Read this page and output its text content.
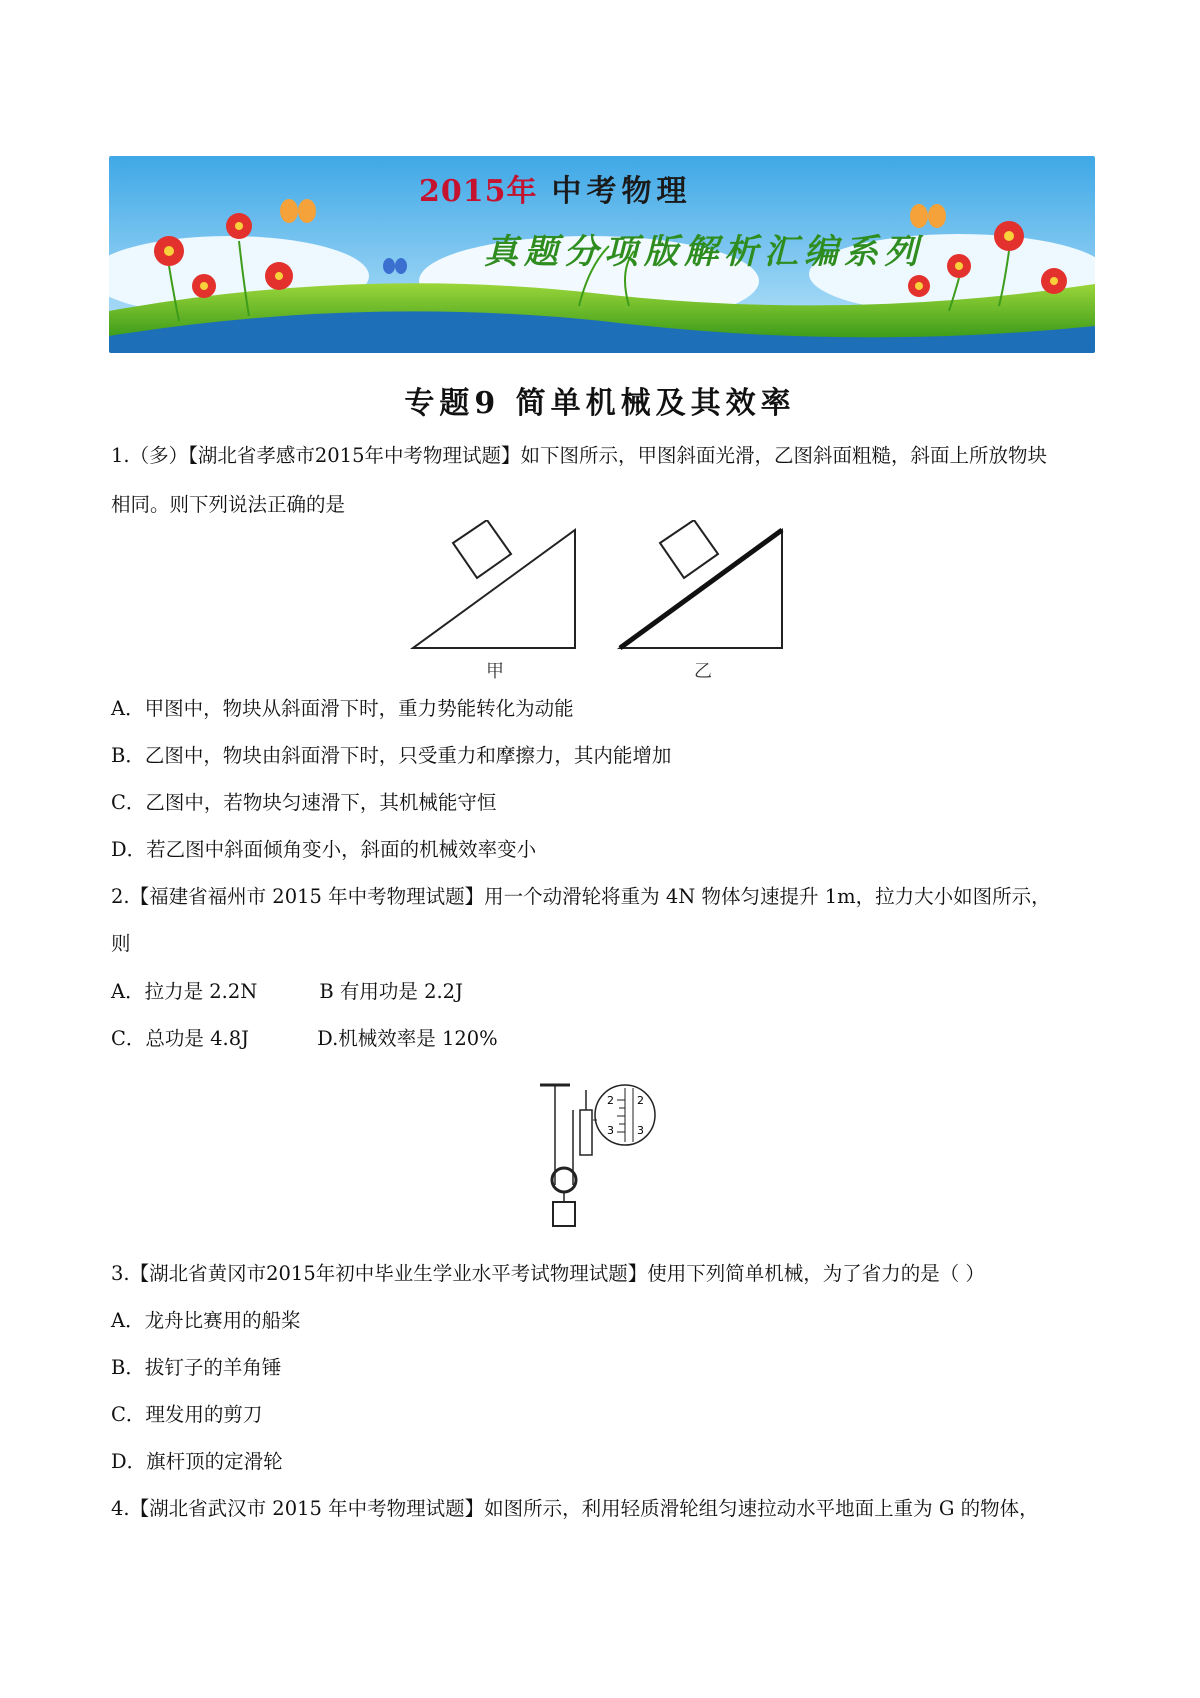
2015年 中考物理
真题分项版解析汇编系列
专题9 简单机械及其效率
1.（多）【湖北省孝感市2015年中考物理试题】如下图所示，甲图斜面光滑，乙图斜面粗糙，斜面上所放物块
相同。则下列说法正确的是
甲	乙
A．甲图中，物块从斜面滑下时，重力势能转化为动能
B．乙图中，物块由斜面滑下时，只受重力和摩擦力，其内能增加
C．乙图中，若物块匀速滑下，其机械能守恒
D．若乙图中斜面倾角变小，斜面的机械效率变小
2.【福建省福州市 2015 年中考物理试题】用一个动滑轮将重为 4N 物体匀速提升 1m，拉力大小如图所示，
则
A．拉力是 2.2N          B 有用功是 2.2J
C．总功是 4.8J           D.机械效率是 120%
2
3
2
3
3.【湖北省黄冈市2015年初中毕业生学业水平考试物理试题】使用下列简单机械，为了省力的是（ ）
A．龙舟比赛用的船桨
B．拔钉子的羊角锤
C．理发用的剪刀
D．旗杆顶的定滑轮
4.【湖北省武汉市 2015 年中考物理试题】如图所示，利用轻质滑轮组匀速拉动水平地面上重为 G 的物体，
